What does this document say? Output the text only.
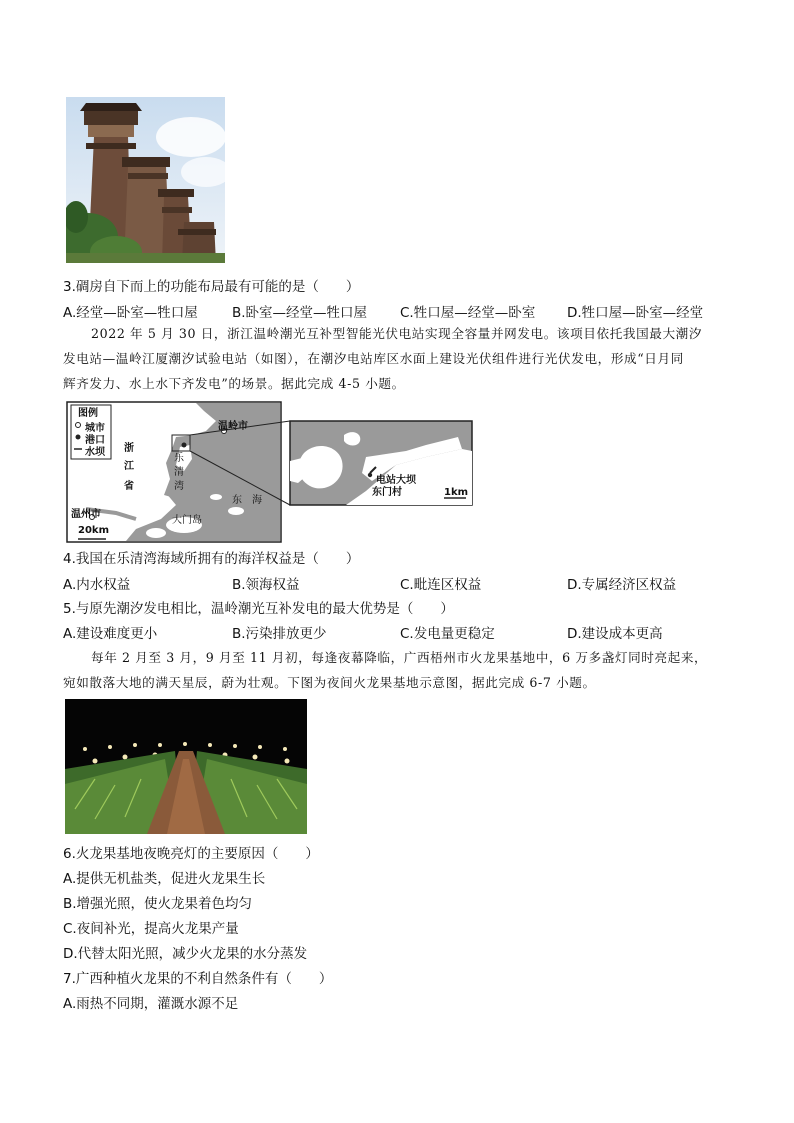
3.碉房自下而上的功能布局最有可能的是（　　）
A.经堂—卧室—牲口屋	B.卧室—经堂—牲口屋 C.牲口屋—经堂—卧室 D.牲口屋—卧室—经堂
2022 年 5 月 30 日，浙江温岭潮光互补型智能光伏电站实现全容量并网发电。该项目依托我国最大潮汐
发电站—温岭江厦潮汐试验电站（如图），在潮汐电站库区水面上建设光伏组件进行光伏发电，形成“日月同
辉齐发力、水上水下齐发电”的场景。据此完成 4-5 小题。
图例
城市
港口
水坝 浙
江
省
乐
清
湾
温岭市
温州市
东　海
大门岛
20km
电站大坝
东门村	1km
4.我国在乐清湾海域所拥有的海洋权益是（　　）
A.内水权益	B.领海权益	C.毗连区权益	D.专属经济区权益
5.与原先潮汐发电相比，温岭潮光互补发电的最大优势是（　　）
A.建设难度更小	B.污染排放更少	C.发电量更稳定	D.建设成本更高
每年 2 月至 3 月，9 月至 11 月初，每逢夜幕降临，广西梧州市火龙果基地中，6 万多盏灯同时亮起来，
宛如散落大地的满天星辰，蔚为壮观。下图为夜间火龙果基地示意图，据此完成 6-7 小题。
6.火龙果基地夜晚亮灯的主要原因（　　）
A.提供无机盐类，促进火龙果生长
B.增强光照，使火龙果着色均匀
C.夜间补光，提高火龙果产量
D.代替太阳光照，减少火龙果的水分蒸发
7.广西种植火龙果的不利自然条件有（　　）
A.雨热不同期，灌溉水源不足
